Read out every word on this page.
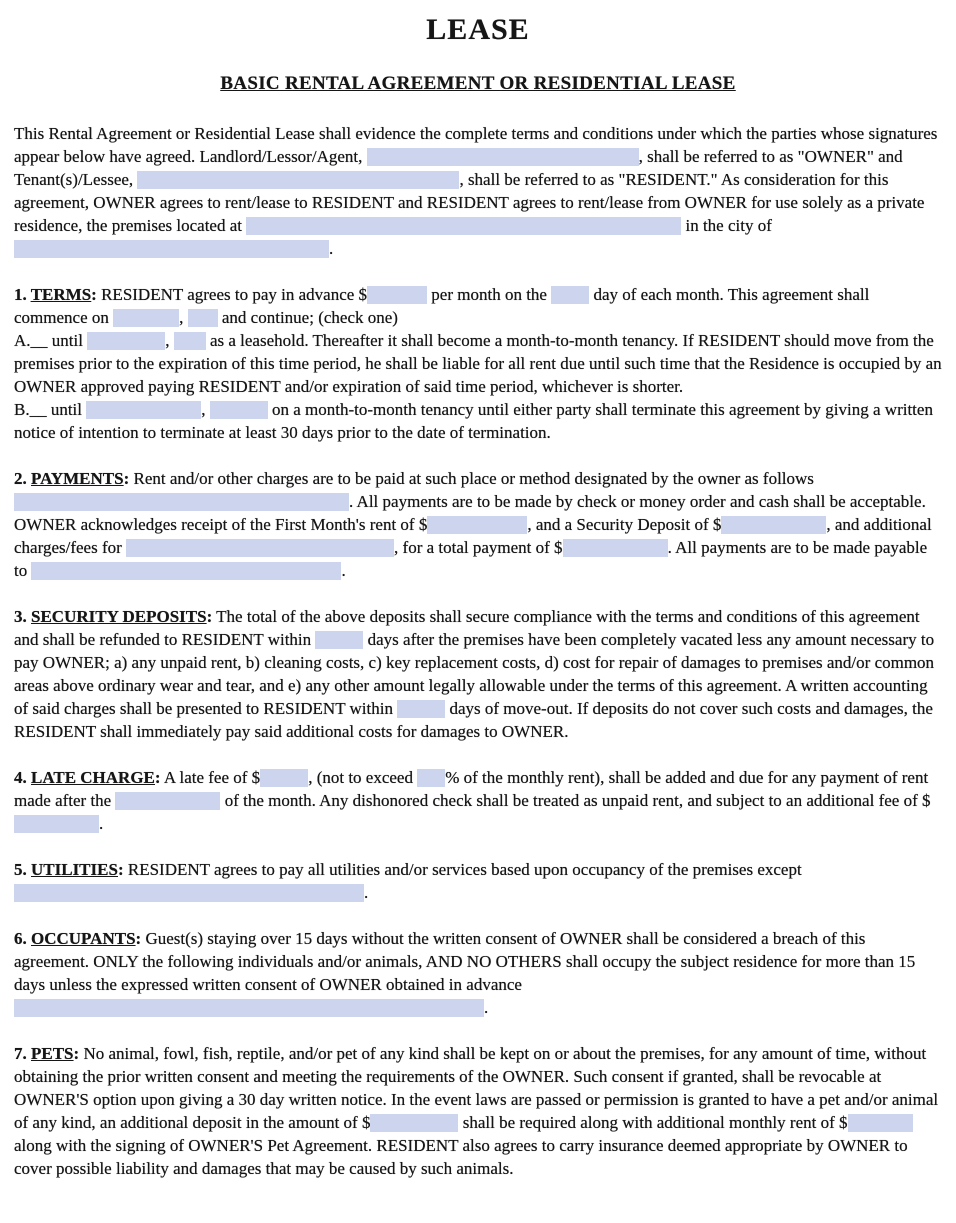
LEASE
BASIC RENTAL AGREEMENT OR RESIDENTIAL LEASE
This Rental Agreement or Residential Lease shall evidence the complete terms and conditions under which the parties whose signatures appear below have agreed. Landlord/Lessor/Agent,	, shall be referred to as "OWNER" and Tenant(s)/Lessee,	, shall be referred to as "RESIDENT." As consideration for this agreement, OWNER agrees to rent/lease to RESIDENT and RESIDENT agrees to rent/lease from OWNER for use solely as a private residence, the premises located at	in the city of .
1. TERMS: RESIDENT agrees to pay in advance $	per month on the  day of each month. This agreement shall commence on	,  and continue; (check one)
A.__ until	,  as a leasehold. Thereafter it shall become a month-to-month tenancy. If RESIDENT should move from the premises prior to the expiration of this time period, he shall be liable for all rent due until such time that the Residence is occupied by an OWNER approved paying RESIDENT and/or expiration of said time period, whichever is shorter.
B.__ until	,	on a month-to-month tenancy until either party shall terminate this agreement by giving a written notice of intention to terminate at least 30 days prior to the date of termination.
2. PAYMENTS: Rent and/or other charges are to be paid at such place or method designated by the owner as follows . All payments are to be made by check or money order and cash shall be acceptable. OWNER acknowledges receipt of the First Month's rent of $	, and a Security Deposit of $	, and additional charges/fees for	, for a total payment of $	. All payments are to be made payable to	.
3. SECURITY DEPOSITS: The total of the above deposits shall secure compliance with the terms and conditions of this agreement and shall be refunded to RESIDENT within	days after the premises have been completely vacated less any amount necessary to pay OWNER; a) any unpaid rent, b) cleaning costs, c) key replacement costs, d) cost for repair of damages to premises and/or common areas above ordinary wear and tear, and e) any other amount legally allowable under the terms of this agreement. A written accounting of said charges shall be presented to RESIDENT within	days of move-out. If deposits do not cover such costs and damages, the RESIDENT shall immediately pay said additional costs for damages to OWNER.
4. LATE CHARGE: A late fee of $	, (not to exceed % of the monthly rent), shall be added and due for any payment of rent made after the	of the month. Any dishonored check shall be treated as unpaid rent, and subject to an additional fee of $.
5. UTILITIES: RESIDENT agrees to pay all utilities and/or services based upon occupancy of the premises except .
6. OCCUPANTS: Guest(s) staying over 15 days without the written consent of OWNER shall be considered a breach of this agreement. ONLY the following individuals and/or animals, AND NO OTHERS shall occupy the subject residence for more than 15 days unless the expressed written consent of OWNER obtained in advance .
7. PETS: No animal, fowl, fish, reptile, and/or pet of any kind shall be kept on or about the premises, for any amount of time, without obtaining the prior written consent and meeting the requirements of the OWNER. Such consent if granted, shall be revocable at OWNER'S option upon giving a 30 day written notice. In the event laws are passed or permission is granted to have a pet and/or animal of any kind, an additional deposit in the amount of $	shall be required along with additional monthly rent of $ along with the signing of OWNER'S Pet Agreement. RESIDENT also agrees to carry insurance deemed appropriate by OWNER to cover possible liability and damages that may be caused by such animals.
